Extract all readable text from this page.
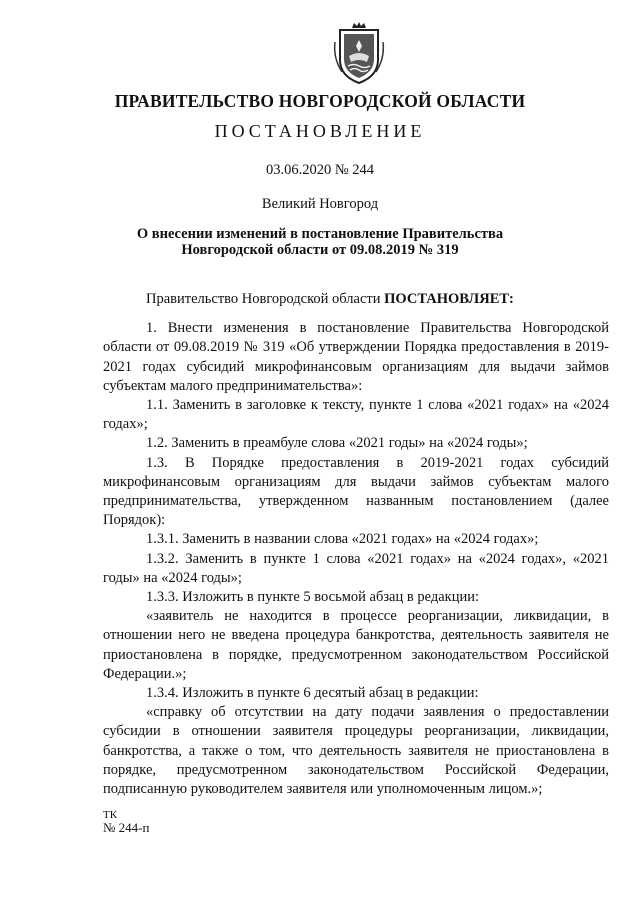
ПРАВИТЕЛЬСТВО НОВГОРОДСКОЙ ОБЛАСТИ
ПОСТАНОВЛЕНИЕ
03.06.2020 № 244
Великий Новгород
О внесении изменений в постановление Правительства Новгородской области от 09.08.2019 № 319

Правительство Новгородской области ПОСТАНОВЛЯЕТ:

1. Внести изменения в постановление Правительства Новгородской области от 09.08.2019 № 319 «Об утверждении Порядка предоставления в 2019-2021 годах субсидий микрофинансовым организациям для выдачи займов субъектам малого предпринимательства»:

1.1. Заменить в заголовке к тексту, пункте 1 слова «2021 годах» на «2024 годах»;

1.2. Заменить в преамбуле слова «2021 годы» на «2024 годы»;

1.3. В Порядке предоставления в 2019-2021 годах субсидий микрофинансовым организациям для выдачи займов субъектам малого предпринимательства, утвержденном названным постановлением (далее Порядок):

1.3.1. Заменить в названии слова «2021 годах» на «2024 годах»;

1.3.2. Заменить в пункте 1 слова «2021 годах» на «2024 годах», «2021 годы» на «2024 годы»;

1.3.3. Изложить в пункте 5 восьмой абзац в редакции:

«заявитель не находится в процессе реорганизации, ликвидации, в отношении него не введена процедура банкротства, деятельность заявителя не приостановлена в порядке, предусмотренном законодательством Российской Федерации.»;

1.3.4. Изложить в пункте 6 десятый абзац в редакции:

«справку об отсутствии на дату подачи заявления о предоставлении субсидии в отношении заявителя процедуры реорганизации, ликвидации, банкротства, а также о том, что деятельность заявителя не приостановлена в порядке, предусмотренном законодательством Российской Федерации, подписанную руководителем заявителя или уполномоченным лицом.»;

ТК
№ 244-п
